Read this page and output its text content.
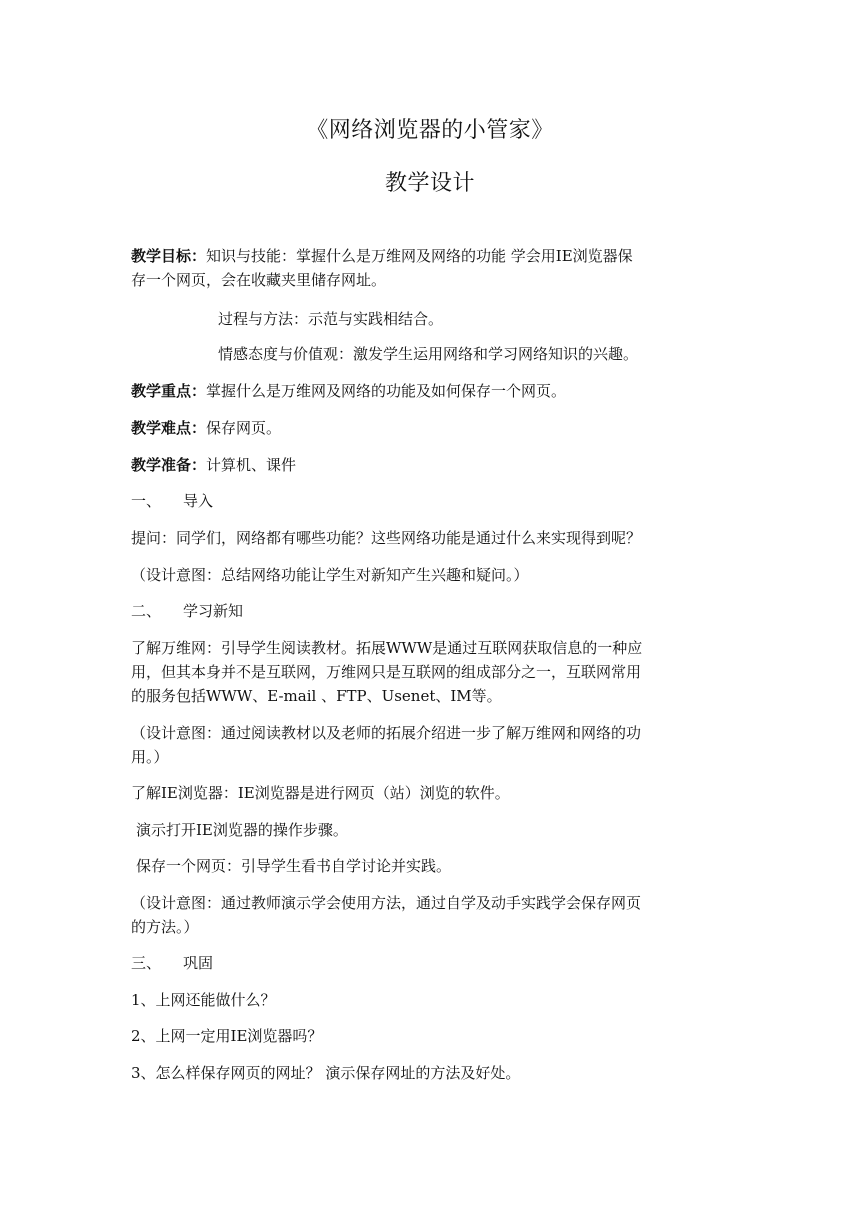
《网络浏览器的小管家》
教学设计
教学目标：知识与技能：掌握什么是万维网及网络的功能 学会用IE浏览器保
存一个网页，会在收藏夹里储存网址。
过程与方法：示范与实践相结合。
情感态度与价值观：激发学生运用网络和学习网络知识的兴趣。
教学重点：掌握什么是万维网及网络的功能及如何保存一个网页。
教学难点：保存网页。
教学准备：计算机、课件
一、 导入
提问：同学们，网络都有哪些功能？这些网络功能是通过什么来实现得到呢？
（设计意图：总结网络功能让学生对新知产生兴趣和疑问。）
二、 学习新知
了解万维网：引导学生阅读教材。拓展WWW是通过互联网获取信息的一种应
用，但其本身并不是互联网，万维网只是互联网的组成部分之一，互联网常用
的服务包括WWW、E-mail 、FTP、Usenet、IM等。
（设计意图：通过阅读教材以及老师的拓展介绍进一步了解万维网和网络的功
用。）
了解IE浏览器：IE浏览器是进行网页（站）浏览的软件。
演示打开IE浏览器的操作步骤。
保存一个网页：引导学生看书自学讨论并实践。
（设计意图：通过教师演示学会使用方法，通过自学及动手实践学会保存网页
的方法。）
三、 巩固
1、上网还能做什么？
2、上网一定用IE浏览器吗？
3、怎么样保存网页的网址？ 演示保存网址的方法及好处。
